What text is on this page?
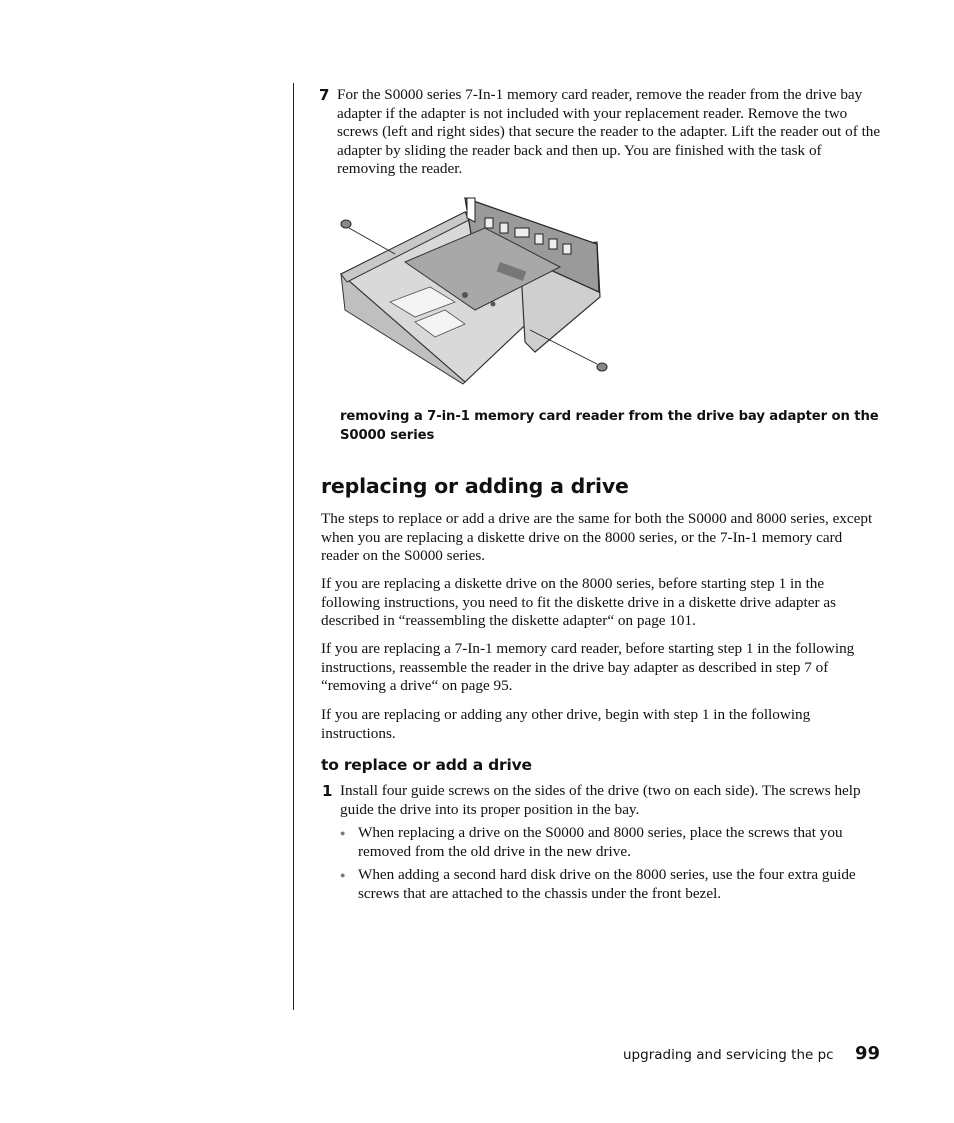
7 For the S0000 series 7-In-1 memory card reader, remove the reader from the drive bay adapter if the adapter is not included with your replacement reader. Remove the two screws (left and right sides) that secure the reader to the adapter. Lift the reader out of the adapter by sliding the reader back and then up. You are finished with the task of removing the reader.

removing a 7-in-1 memory card reader from the drive bay adapter on the S0000 series

replacing or adding a drive

The steps to replace or add a drive are the same for both the S0000 and 8000 series, except when you are replacing a diskette drive on the 8000 series, or the 7-In-1 memory card reader on the S0000 series.

If you are replacing a diskette drive on the 8000 series, before starting step 1 in the following instructions, you need to fit the diskette drive in a diskette drive adapter as described in “reassembling the diskette adapter“ on page 101.

If you are replacing a 7-In-1 memory card reader, before starting step 1 in the following instructions, reassemble the reader in the drive bay adapter as described in step 7 of “removing a drive“ on page 95.

If you are replacing or adding any other drive, begin with step 1 in the following instructions.

to replace or add a drive
1 Install four guide screws on the sides of the drive (two on each side). The screws help guide the drive into its proper position in the bay.

● When replacing a drive on the S0000 and 8000 series, place the screws that you removed from the old drive in the new drive.

● When adding a second hard disk drive on the 8000 series, use the four extra guide screws that are attached to the chassis under the front bezel.

upgrading and servicing the pc 99
